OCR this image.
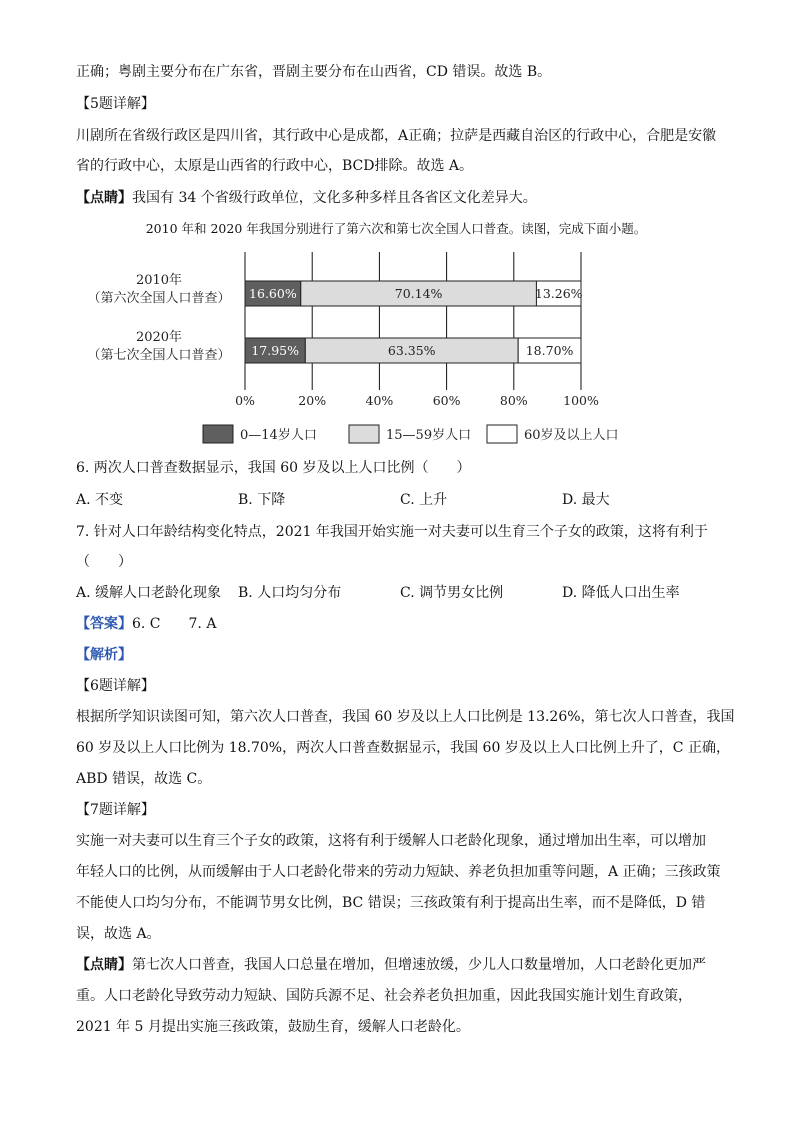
正确；粤剧主要分布在广东省，晋剧主要分布在山西省，CD 错误。故选 B。
【5题详解】
川剧所在省级行政区是四川省，其行政中心是成都，A正确；拉萨是西藏自治区的行政中心，合肥是安徽
省的行政中心，太原是山西省的行政中心，BCD排除。故选 A。
【点睛】我国有 34 个省级行政单位，文化多种多样且各省区文化差异大。
2010 年和 2020 年我国分别进行了第六次和第七次全国人口普查。读图，完成下面小题。
0%	20%	40%	60%	80%	100%
16.60%	70.14%	13.26%
2010年
（第六次全国人口普查）
17.95%	63.35%	18.70%
2020年
（第七次全国人口普查）
0—14岁人口	15—59岁人口	60岁及以上人口
6. 两次人口普查数据显示，我国 60 岁及以上人口比例（　　）
A. 不变	B. 下降	C. 上升	D. 最大
7. 针对人口年龄结构变化特点，2021 年我国开始实施一对夫妻可以生育三个子女的政策，这将有利于
（　　）
A. 缓解人口老龄化现象 B. 人口均匀分布	C. 调节男女比例	D. 降低人口出生率
【答案】6. C　　7. A
【解析】
【6题详解】
根据所学知识读图可知，第六次人口普查，我国 60 岁及以上人口比例是 13.26%，第七次人口普查，我国
60 岁及以上人口比例为 18.70%，两次人口普查数据显示，我国 60 岁及以上人口比例上升了，C 正确，
ABD 错误，故选 C。
【7题详解】
实施一对夫妻可以生育三个子女的政策，这将有利于缓解人口老龄化现象，通过增加出生率，可以增加
年轻人口的比例，从而缓解由于人口老龄化带来的劳动力短缺、养老负担加重等问题，A 正确；三孩政策
不能使人口均匀分布，不能调节男女比例，BC 错误；三孩政策有利于提高出生率，而不是降低，D 错
误，故选 A。
【点睛】第七次人口普查，我国人口总量在增加，但增速放缓，少儿人口数量增加，人口老龄化更加严
重。人口老龄化导致劳动力短缺、国防兵源不足、社会养老负担加重，因此我国实施计划生育政策，
2021 年 5 月提出实施三孩政策，鼓励生育，缓解人口老龄化。
